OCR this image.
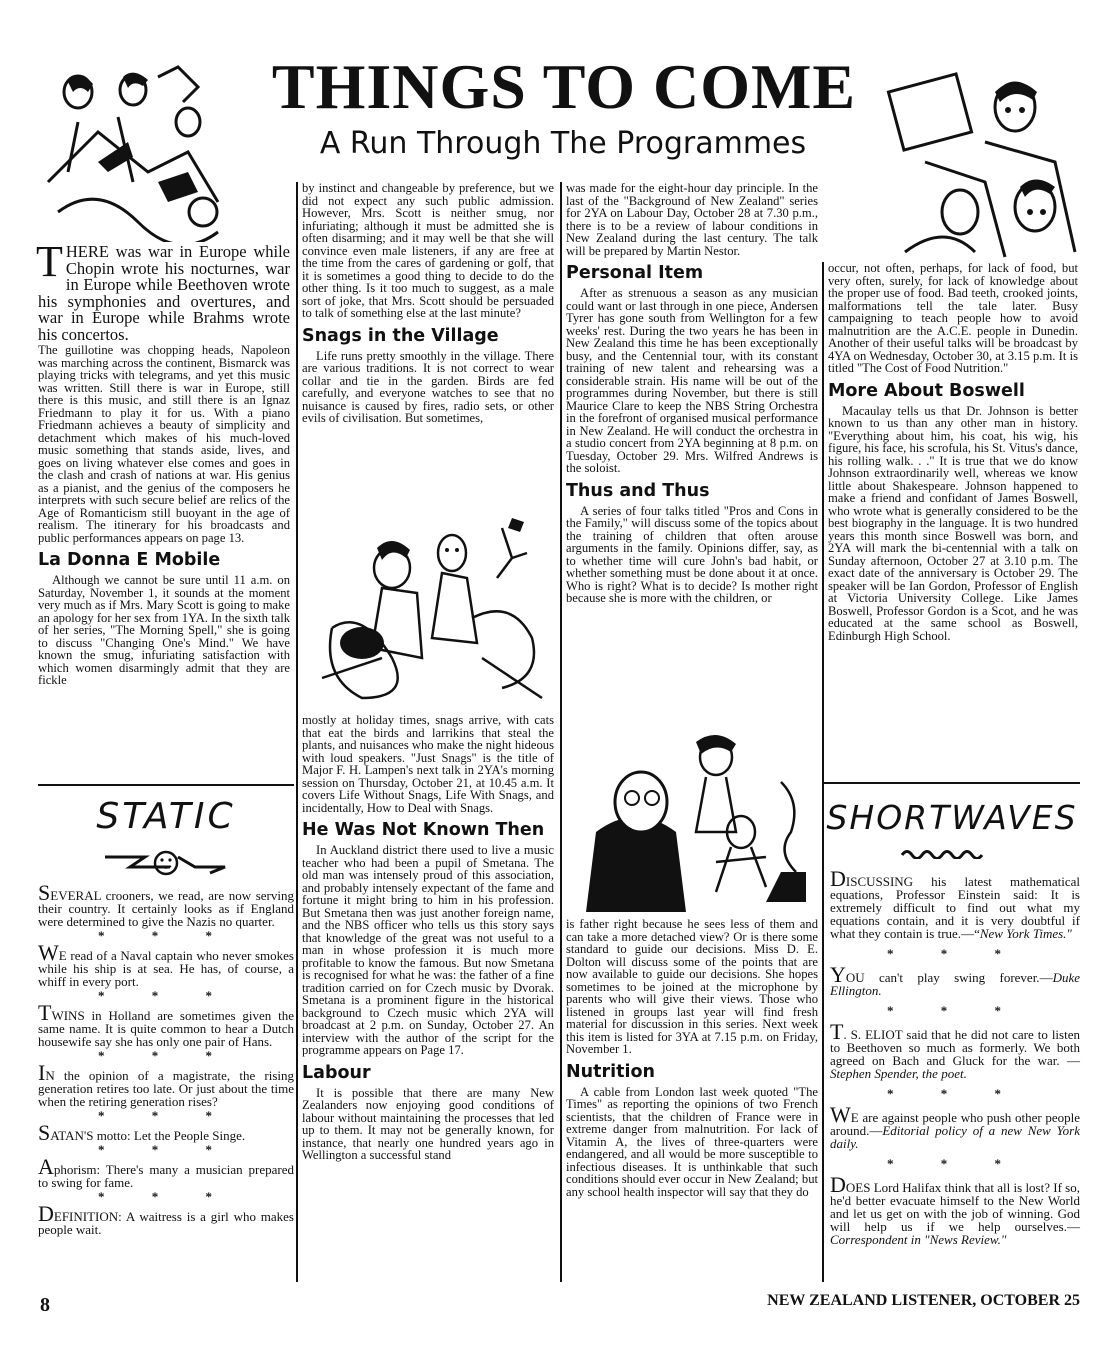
THINGS TO COME
A Run Through The Programmes
THERE was war in Europe while Chopin wrote his nocturnes, war in Europe while Beethoven wrote his symphonies and overtures, and war in Europe while Brahms wrote his concertos.

The guillotine was chopping heads, Napoleon was marching across the continent, Bismarck was playing tricks with telegrams, and yet this music was written. Still there is war in Europe, still there is this music, and still there is an Ignaz Friedmann to play it for us. With a piano Friedmann achieves a beauty of simplicity and detachment which makes of his much-loved music something that stands aside, lives, and goes on living whatever else comes and goes in the clash and crash of nations at war. His genius as a pianist, and the genius of the composers he interprets with such secure belief are relics of the Age of Romanticism still buoyant in the age of realism. The itinerary for his broadcasts and public performances appears on page 13.

La Donna E Mobile

Although we cannot be sure until 11 a.m. on Saturday, November 1, it sounds at the moment very much as if Mrs. Mary Scott is going to make an apology for her sex from 1YA. In the sixth talk of her series, "The Morning Spell," she is going to discuss "Changing One's Mind." We have known the smug, infuriating satisfaction with which women disarmingly admit that they are fickle

STATIC
SEVERAL crooners, we read, are now serving their country. It certainly looks as if England were determined to give the Nazis no quarter.
* * *
WE read of a Naval captain who never smokes while his ship is at sea. He has, of course, a whiff in every port.
* * *
TWINS in Holland are sometimes given the same name. It is quite common to hear a Dutch housewife say she has only one pair of Hans.
* * *
IN the opinion of a magistrate, the rising generation retires too late. Or just about the time when the retiring generation rises?
* * *
SATAN'S motto: Let the People Singe.
* * *
Aphorism: There's many a musician prepared to swing for fame.
* * *
DEFINITION: A waitress is a girl who makes people wait.

by instinct and changeable by preference, but we did not expect any such public admission. However, Mrs. Scott is neither smug, nor infuriating; although it must be admitted she is often disarming; and it may well be that she will convince even male listeners, if any are free at the time from the cares of gardening or golf, that it is sometimes a good thing to decide to do the other thing. Is it too much to suggest, as a male sort of joke, that Mrs. Scott should be persuaded to talk of something else at the last minute?

Snags in the Village

Life runs pretty smoothly in the village. There are various traditions. It is not correct to wear collar and tie in the garden. Birds are fed carefully, and everyone watches to see that no nuisance is caused by fires, radio sets, or other evils of civilisation. But sometimes,

mostly at holiday times, snags arrive, with cats that eat the birds and larrikins that steal the plants, and nuisances who make the night hideous with loud speakers. "Just Snags" is the title of Major F. H. Lampen's next talk in 2YA's morning session on Thursday, October 21, at 10.45 a.m. It covers Life Without Snags, Life With Snags, and incidentally, How to Deal with Snags.

He Was Not Known Then

In Auckland district there used to live a music teacher who had been a pupil of Smetana. The old man was intensely proud of this association, and probably intensely expectant of the fame and fortune it might bring to him in his profession. But Smetana then was just another foreign name, and the NBS officer who tells us this story says that knowledge of the great was not useful to a man in whose profession it is much more profitable to know the famous. But now Smetana is recognised for what he was: the father of a fine tradition carried on for Czech music by Dvorak. Smetana is a prominent figure in the historical background to Czech music which 2YA will broadcast at 2 p.m. on Sunday, October 27. An interview with the author of the script for the programme appears on Page 17.

Labour

It is possible that there are many New Zealanders now enjoying good conditions of labour without maintaining the processes that led up to them. It may not be generally known, for instance, that nearly one hundred years ago in Wellington a successful stand

was made for the eight-hour day principle. In the last of the "Background of New Zealand" series for 2YA on Labour Day, October 28 at 7.30 p.m., there is to be a review of labour conditions in New Zealand during the last century. The talk will be prepared by Martin Nestor.

Personal Item

After as strenuous a season as any musician could want or last through in one piece, Andersen Tyrer has gone south from Wellington for a few weeks' rest. During the two years he has been in New Zealand this time he has been exceptionally busy, and the Centennial tour, with its constant training of new talent and rehearsing was a considerable strain. His name will be out of the programmes during November, but there is still Maurice Clare to keep the NBS String Orchestra in the forefront of organised musical performance in New Zealand. He will conduct the orchestra in a studio concert from 2YA beginning at 8 p.m. on Tuesday, October 29. Mrs. Wilfred Andrews is the soloist.

Thus and Thus

A series of four talks titled "Pros and Cons in the Family," will discuss some of the topics about the training of children that often arouse arguments in the family. Opinions differ, say, as to whether time will cure John's bad habit, or whether something must be done about it at once. Who is right? What is to decide? Is mother right because she is more with the children, or

is father right because he sees less of them and can take a more detached view? Or is there some standard to guide our decisions. Miss D. E. Dolton will discuss some of the points that are now available to guide our decisions. She hopes sometimes to be joined at the microphone by parents who will give their views. Those who listened in groups last year will find fresh material for discussion in this series. Next week this item is listed for 3YA at 7.15 p.m. on Friday, November 1.

Nutrition

A cable from London last week quoted "The Times" as reporting the opinions of two French scientists, that the children of France were in extreme danger from malnutrition. For lack of Vitamin A, the lives of three-quarters were endangered, and all would be more susceptible to infectious diseases. It is unthinkable that such conditions should ever occur in New Zealand; but any school health inspector will say that they do

occur, not often, perhaps, for lack of food, but very often, surely, for lack of knowledge about the proper use of food. Bad teeth, crooked joints, malformations tell the tale later. Busy campaigning to teach people how to avoid malnutrition are the A.C.E. people in Dunedin. Another of their useful talks will be broadcast by 4YA on Wednesday, October 30, at 3.15 p.m. It is titled "The Cost of Food Nutrition."

More About Boswell

Macaulay tells us that Dr. Johnson is better known to us than any other man in history. "Everything about him, his coat, his wig, his figure, his face, his scrofula, his St. Vitus's dance, his rolling walk. . ." It is true that we do know Johnson extraordinarily well, whereas we know little about Shakespeare. Johnson happened to make a friend and confidant of James Boswell, who wrote what is generally considered to be the best biography in the language. It is two hundred years this month since Boswell was born, and 2YA will mark the bi-centennial with a talk on Sunday afternoon, October 27 at 3.10 p.m. The exact date of the anniversary is October 29. The speaker will be Ian Gordon, Professor of English at Victoria University College. Like James Boswell, Professor Gordon is a Scot, and he was educated at the same school as Boswell, Edinburgh High School.

SHORTWAVES
DISCUSSING his latest mathematical equations, Professor Einstein said: It is extremely difficult to find out what my equations contain, and it is very doubtful if what they contain is true.—“New York Times."
* * *
YOU can't play swing forever.—Duke Ellington.
* * *
T. S. ELIOT said that he did not care to listen to Beethoven so much as formerly. We both agreed on Bach and Gluck for the war. — Stephen Spender, the poet.
* * *
WE are against people who push other people around.—Editorial policy of a new New York daily.
* * *
DOES Lord Halifax think that all is lost? If so, he'd better evacuate himself to the New World and let us get on with the job of winning. God will help us if we help ourselves.—Correspondent in "News Review."
8	NEW ZEALAND LISTENER, OCTOBER 25
